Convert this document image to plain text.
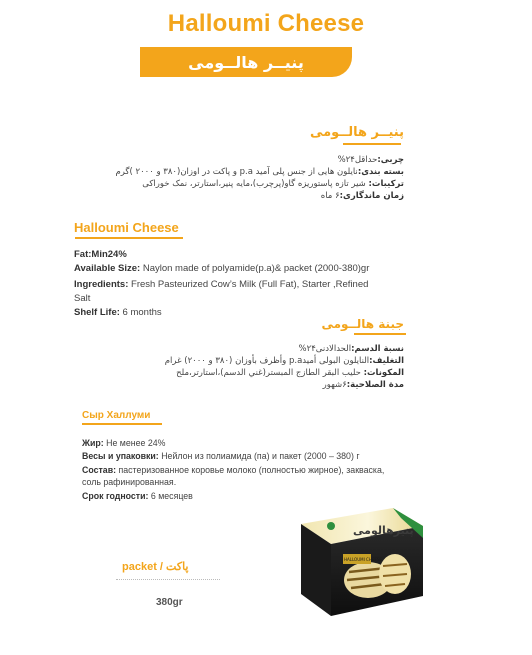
Halloumi Cheese
پنیــر هالــومی
پنیــر هالــومی
چربی:حداقل۲۴%
بسته بندی:نایلون هایی از جنس پلی آمید p.a و پاکت در اوزان(۳۸۰ و ۲۰۰۰ )گرم
ترکیبات: شیر تازه پاستوریزه گاو(پرچرب)،مایه پنیر،استارتر، نمک خوراکی
زمان ماندگاری:۶ ماه
Halloumi Cheese
Fat:Min24%
Available Size: Naylon made of polyamide(p.a)& packet (2000-380)gr
Ingredients: Fresh Pasteurized Cow’s Milk (Full Fat), Starter ,Refined
Salt
Shelf Life: 6 months
جبنة هالــومی
نسبة الدسم:الحدالادنی۲۴%
التغليف:النايلون البولی أميدp.a وأظرف بأوزان (۳۸۰ و ۲۰۰۰) غرام
المکونات: حليب البقر الطازج المبستر(غني الدسم)،استارتر،ملح
مدة الصلاحية:۶شهور
Сыр Халлуми
Жир: Не менее 24%
Весы и упаковки: Нейлон из полиамида (па) и пакет (2000 – 380) г
Состав: пастеризованное коровье молоко (полностью жирное), закваска, соль рафинированная.
Срок годности: 6 месяцев
packet / پاکت
380gr
پنیرهالومی
HALLOUMI CHEESE
